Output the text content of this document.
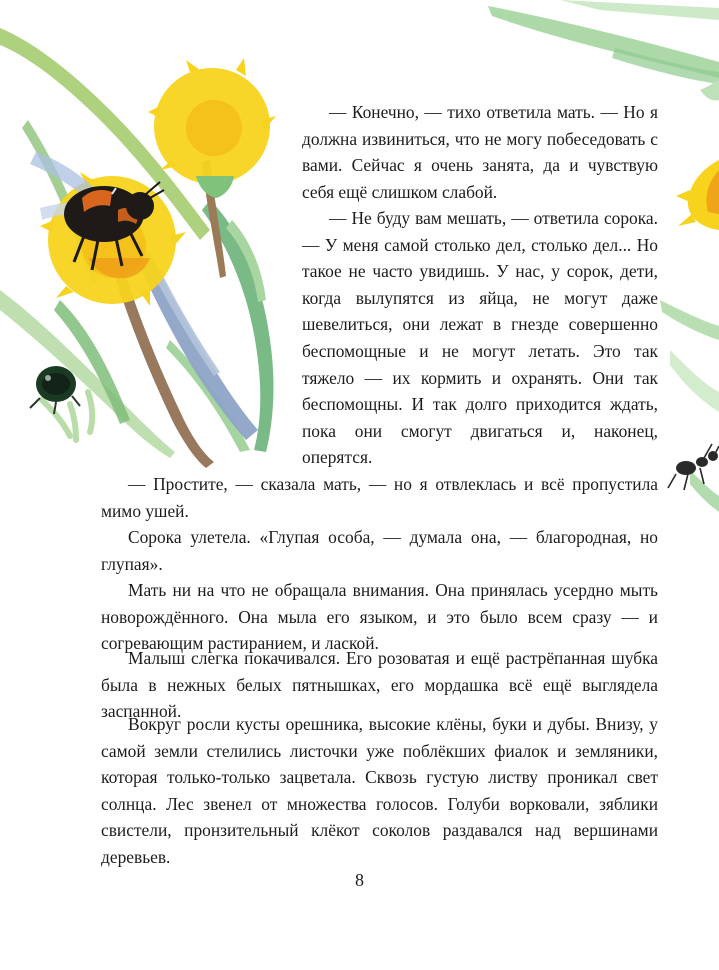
— Конечно, — тихо ответила мать. — Но я должна извиниться, что не могу побеседовать с вами. Сейчас я очень занята, да и чувствую себя ещё слишком слабой.

— Не буду вам мешать, — ответила сорока. — У меня самой столько дел, столько дел... Но такое не часто увидишь. У нас, у сорок, дети, когда вылупятся из яйца, не могут даже шевелиться, они лежат в гнезде совершенно беспомощные и не могут летать. Это так тяжело — их кормить и охранять. Они так беспомощны. И так долго приходится ждать, пока они смогут двигаться и, наконец, оперятся.

— Простите, — сказала мать, — но я отвлеклась и всё пропустила мимо ушей.

Сорока улетела. «Глупая особа, — думала она, — благородная, но глупая».

Мать ни на что не обращала внимания. Она принялась усердно мыть новорождённого. Она мыла его языком, и это было всем сразу — и согревающим растиранием, и лаской.

Малыш слегка покачивался. Его розоватая и ещё растрёпанная шубка была в нежных белых пятнышках, его мордашка всё ещё выглядела заспанной.

Вокруг росли кусты орешника, высокие клёны, буки и дубы. Внизу, у самой земли стелились листочки уже поблёкших фиалок и земляники, которая только-только зацветала. Сквозь густую листву проникал свет солнца. Лес звенел от множества голосов. Голуби ворковали, зяблики свистели, пронзительный клёкот соколов раздавался над вершинами деревьев.

8
